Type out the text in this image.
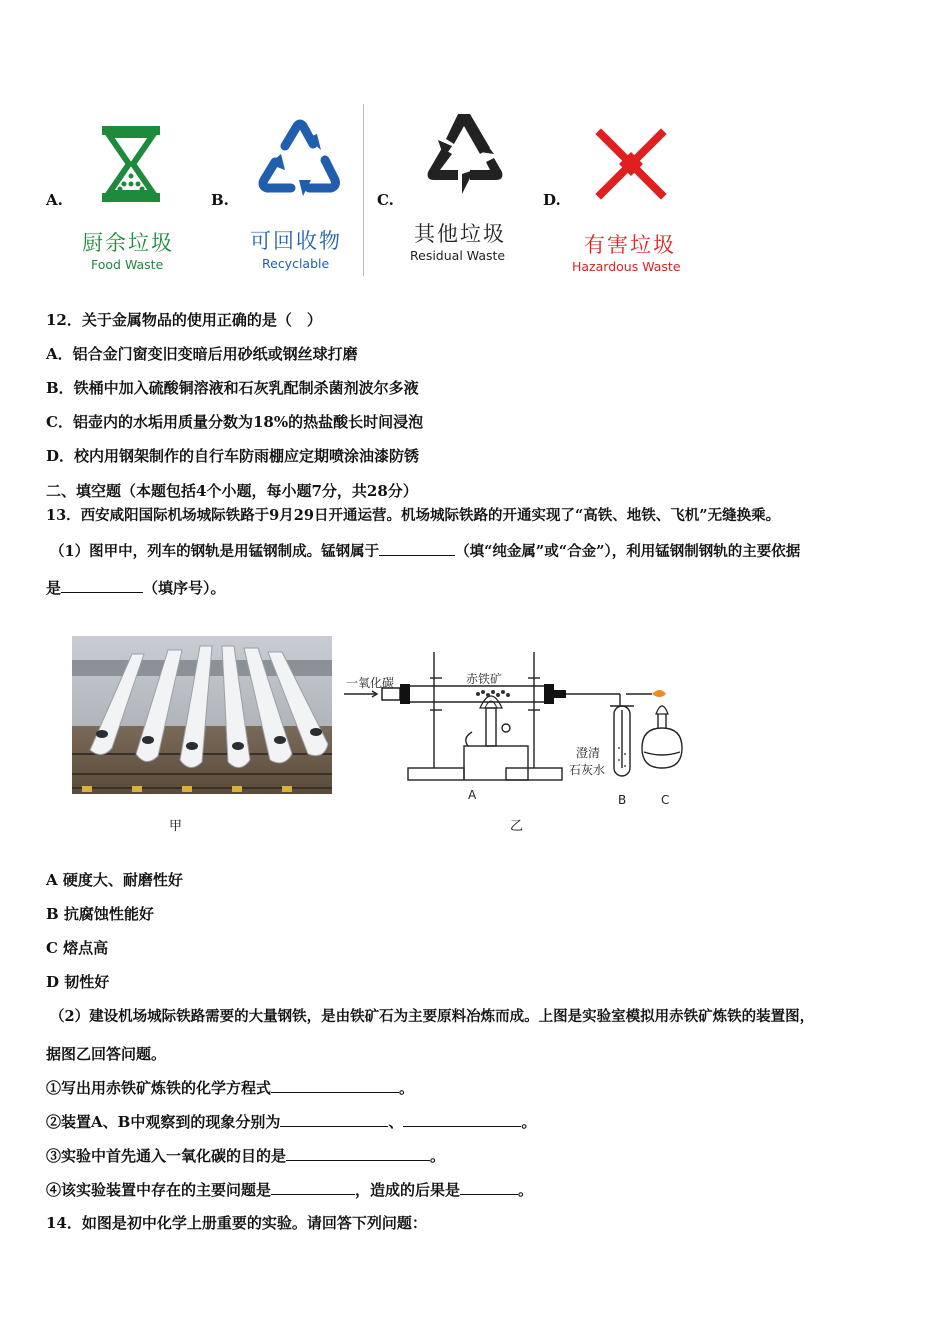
A.
厨余垃圾
Food Waste
B.
可回收物
Recyclable
C.
其他垃圾
Residual Waste
D.
有害垃圾
Hazardous Waste
12．关于金属物品的使用正确的是（　）
A．铝合金门窗变旧变暗后用砂纸或钢丝球打磨
B．铁桶中加入硫酸铜溶液和石灰乳配制杀菌剂波尔多液
C．铝壶内的水垢用质量分数为18%的热盐酸长时间浸泡
D．校内用钢架制作的自行车防雨棚应定期喷涂油漆防锈
二、填空题（本题包括4个小题，每小题7分，共28分）
13．西安咸阳国际机场城际铁路于9月29日开通运营。机场城际铁路的开通实现了“高铁、地铁、飞机”无缝换乘。
（1）图甲中，列车的钢轨是用锰钢制成。锰钢属于	（填“纯金属”或“合金”），利用锰钢制钢轨的主要依据
是	（填序号）。
甲
一氧化碳	赤铁矿
澄清
石灰水
A	B	C
乙
A 硬度大、耐磨性好
B 抗腐蚀性能好
C 熔点高
D 韧性好
（2）建设机场城际铁路需要的大量钢铁，是由铁矿石为主要原料冶炼而成。上图是实验室模拟用赤铁矿炼铁的装置图，
据图乙回答问题。
①写出用赤铁矿炼铁的化学方程式	。
②装置A、B中观察到的现象分别为	、	。
③实验中首先通入一氧化碳的目的是	。
④该实验装置中存在的主要问题是	，造成的后果是	。
14．如图是初中化学上册重要的实验。请回答下列问题：
